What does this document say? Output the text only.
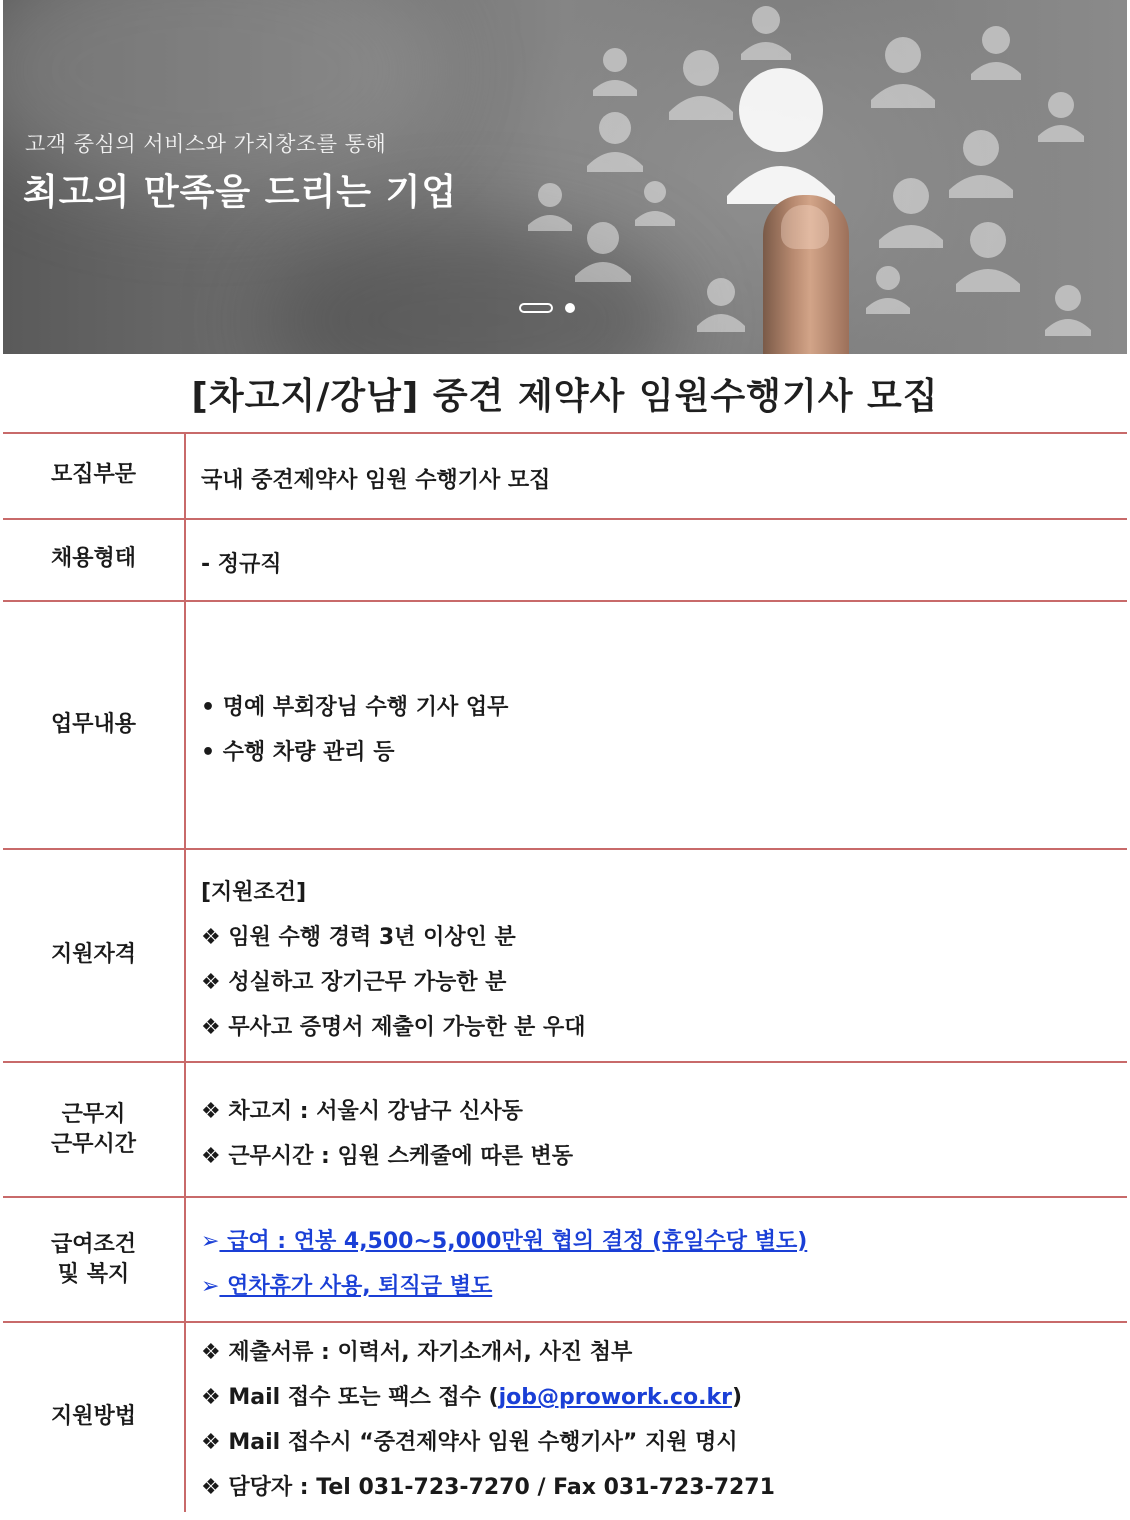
고객 중심의 서비스와 가치창조를 통해
최고의 만족을 드리는 기업
[차고지/강남] 중견 제약사 임원수행기사 모집
모집부문	국내 중견제약사 임원 수행기사 모집
채용형태	- 정규직
업무내용
• 명예 부회장님 수행 기사 업무
• 수행 차량 관리 등
지원자격
[지원조건]
❖ 임원 수행 경력 3년 이상인 분
❖ 성실하고 장기근무 가능한 분
❖ 무사고 증명서 제출이 가능한 분 우대
근무지
근무시간
❖ 차고지 : 서울시 강남구 신사동
❖ 근무시간 : 임원 스케줄에 따른 변동
급여조건
및 복지
➢ 급여 : 연봉 4,500~5,000만원 협의 결정 (휴일수당 별도)
➢ 연차휴가 사용, 퇴직금 별도
지원방법
❖ 제출서류 : 이력서, 자기소개서, 사진 첨부
❖ Mail 접수 또는 팩스 접수 (job@prowork.co.kr)
❖ Mail 접수시 “중견제약사 임원 수행기사” 지원 명시
❖ 담당자 : Tel 031-723-7270 / Fax 031-723-7271
